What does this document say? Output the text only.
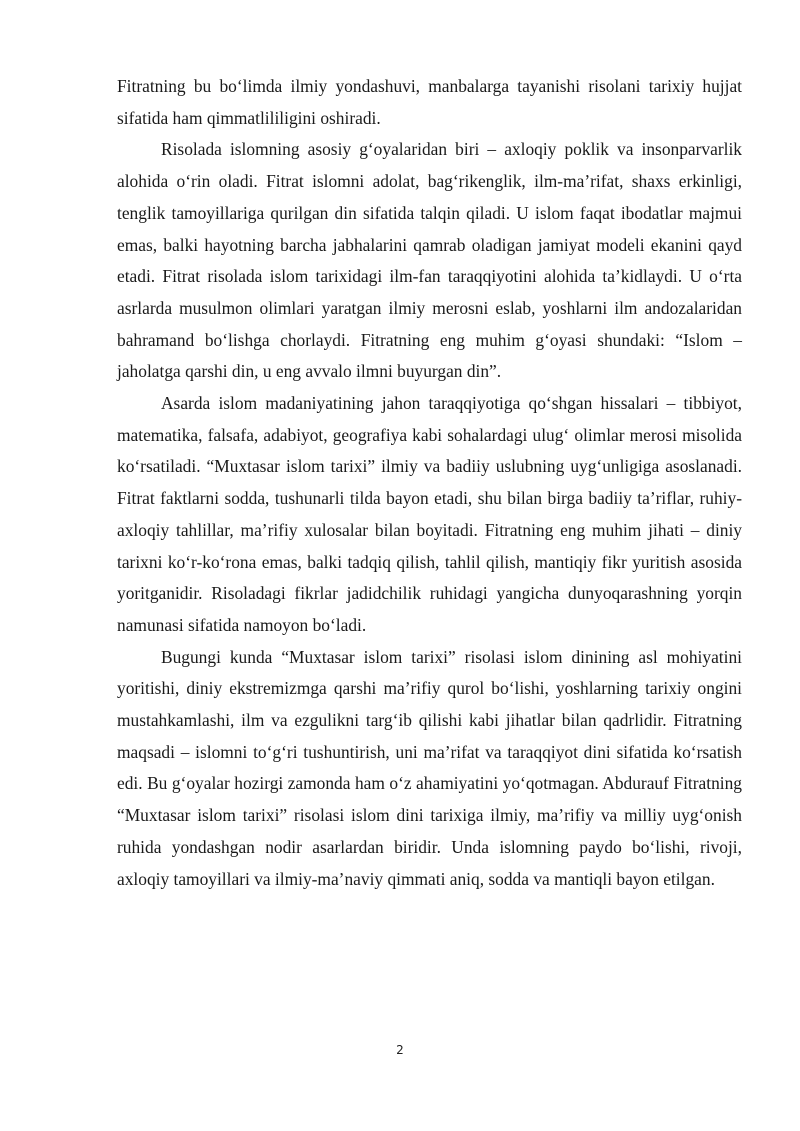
Fitratning bu bo‘limda ilmiy yondashuvi, manbalarga tayanishi risolani tarixiy hujjat sifatida ham qimmatlililigini oshiradi.

Risolada islomning asosiy g‘oyalaridan biri – axloqiy poklik va insonparvarlik alohida o‘rin oladi. Fitrat islomni adolat, bag‘rikenglik, ilm-ma’rifat, shaxs erkinligi, tenglik tamoyillariga qurilgan din sifatida talqin qiladi. U islom faqat ibodatlar majmui emas, balki hayotning barcha jabhalarini qamrab oladigan jamiyat modeli ekanini qayd etadi. Fitrat risolada islom tarixidagi ilm-fan taraqqiyotini alohida ta’kidlaydi. U o‘rta asrlarda musulmon olimlari yaratgan ilmiy merosni eslab, yoshlarni ilm andozalaridan bahramand bo‘lishga chorlaydi. Fitratning eng muhim g‘oyasi shundaki: “Islom – jaholatga qarshi din, u eng avvalo ilmni buyurgan din”.

Asarda islom madaniyatining jahon taraqqiyotiga qo‘shgan hissalari – tibbiyot, matematika, falsafa, adabiyot, geografiya kabi sohalardagi ulug‘ olimlar merosi misolida ko‘rsatiladi. “Muxtasar islom tarixi” ilmiy va badiiy uslubning uyg‘unligiga asoslanadi. Fitrat faktlarni sodda, tushunarli tilda bayon etadi, shu bilan birga badiiy ta’riflar, ruhiy-axloqiy tahlillar, ma’rifiy xulosalar bilan boyitadi. Fitratning eng muhim jihati – diniy tarixni ko‘r-ko‘rona emas, balki tadqiq qilish, tahlil qilish, mantiqiy fikr yuritish asosida yoritganidir. Risoladagi fikrlar jadidchilik ruhidagi yangicha dunyoqarashning yorqin namunasi sifatida namoyon bo‘ladi.

Bugungi kunda “Muxtasar islom tarixi” risolasi islom dinining asl mohiyatini yoritishi, diniy ekstremizmga qarshi ma’rifiy qurol bo‘lishi, yoshlarning tarixiy ongini mustahkamlashi, ilm va ezgulikni targ‘ib qilishi kabi jihatlar bilan qadrlidir. Fitratning maqsadi – islomni to‘g‘ri tushuntirish, uni ma’rifat va taraqqiyot dini sifatida ko‘rsatish edi. Bu g‘oyalar hozirgi zamonda ham o‘z ahamiyatini yo‘qotmagan. Abdurauf Fitratning “Muxtasar islom tarixi” risolasi islom dini tarixiga ilmiy, ma’rifiy va milliy uyg‘onish ruhida yondashgan nodir asarlardan biridir. Unda islomning paydo bo‘lishi, rivoji, axloqiy tamoyillari va ilmiy-ma’naviy qimmati aniq, sodda va mantiqli bayon etilgan.

2
